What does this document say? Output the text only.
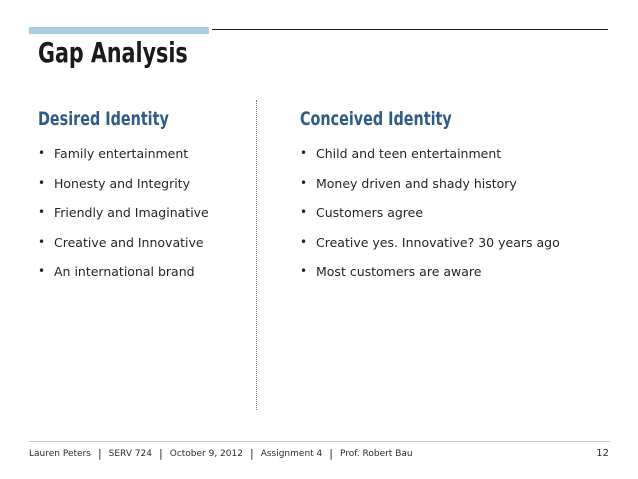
Gap Analysis
Desired Identity
• Family entertainment
• Honesty and Integrity
• Friendly and Imaginative
• Creative and Innovative
• An international brand
Conceived Identity
• Child and teen entertainment
• Money driven and shady history
• Customers agree
• Creative yes. Innovative? 30 years ago
• Most customers are aware
Lauren Peters | SERV 724 | October 9, 2012 | Assignment 4 | Prof. Robert Bau	12
